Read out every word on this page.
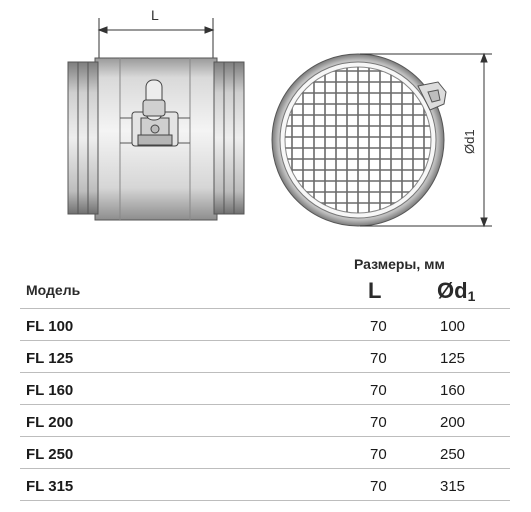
L
Ød1
Размеры, мм
Модель	L	$Ød_1$
FL 100	70	100
FL 125	70	125
FL 160	70	160
FL 200	70	200
FL 250	70	250
FL 315	70	315
